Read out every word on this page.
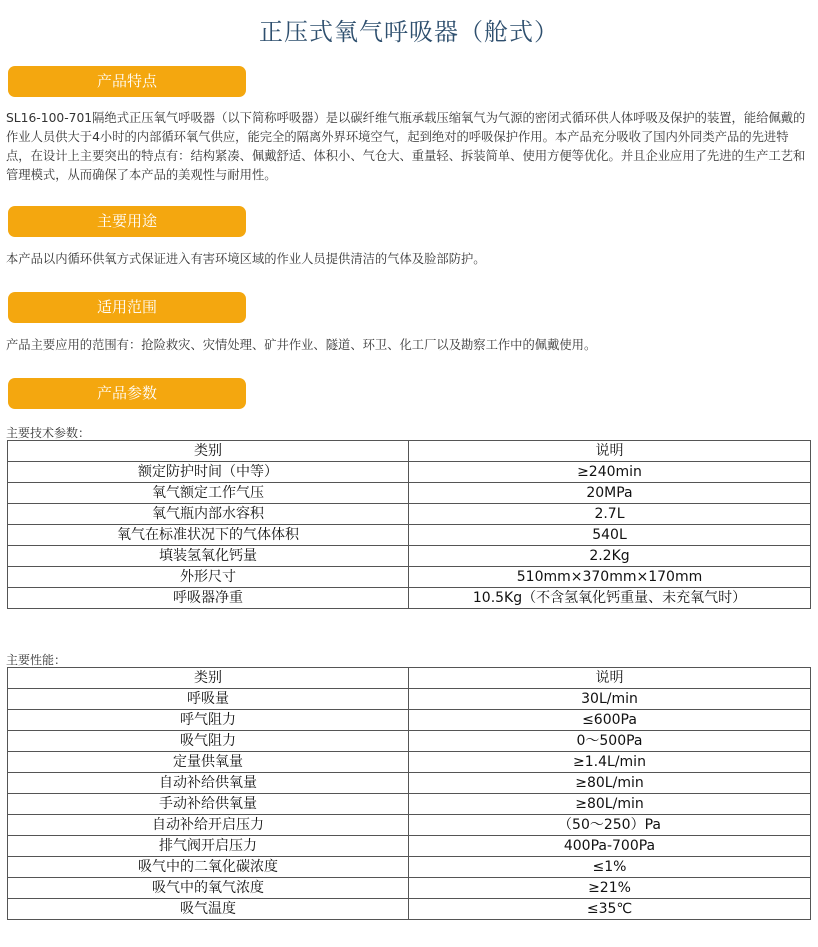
正压式氧气呼吸器（舱式）
产品特点
SL16-100-701隔绝式正压氧气呼吸器（以下简称呼吸器）是以碳纤维气瓶承载压缩氧气为气源的密闭式循环供人体呼吸及保护的装置，能给佩戴的作业人员供大于4小时的内部循环氧气供应，能完全的隔离外界环境空气，起到绝对的呼吸保护作用。本产品充分吸收了国内外同类产品的先进特点，在设计上主要突出的特点有：结构紧凑、佩戴舒适、体积小、气仓大、重量轻、拆装简单、使用方便等优化。并且企业应用了先进的生产工艺和管理模式，从而确保了本产品的美观性与耐用性。
主要用途
本产品以内循环供氧方式保证进入有害环境区域的作业人员提供清洁的气体及脸部防护。
适用范围
产品主要应用的范围有：抢险救灾、灾情处理、矿井作业、隧道、环卫、化工厂以及勘察工作中的佩戴使用。
产品参数
主要技术参数：
类别	说明
额定防护时间（中等）	≥240min
氧气额定工作气压	20MPa
氧气瓶内部水容积	2.7L
氧气在标准状况下的气体体积	540L
填装氢氧化钙量	2.2Kg
外形尺寸	510mm×370mm×170mm
呼吸器净重	10.5Kg（不含氢氧化钙重量、未充氧气时）
主要性能：
类别	说明
呼吸量	30L/min
呼气阻力	≤600Pa
吸气阻力	0～500Pa
定量供氧量	≥1.4L/min
自动补给供氧量	≥80L/min
手动补给供氧量	≥80L/min
自动补给开启压力	（50～250）Pa
排气阀开启压力	400Pa-700Pa
吸气中的二氧化碳浓度	≤1%
吸气中的氧气浓度	≥21%
吸气温度	≤35℃
